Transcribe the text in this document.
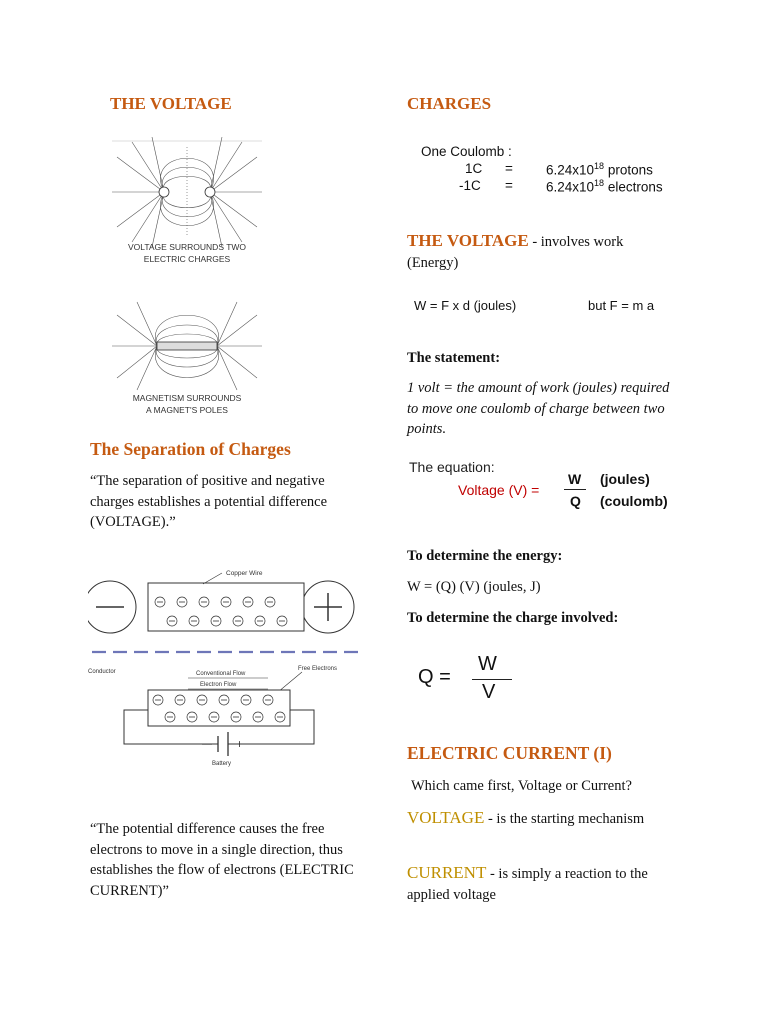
THE VOLTAGE
VOLTAGE SURROUNDS TWO
ELECTRIC CHARGES
MAGNETISM SURROUNDS
A MAGNET'S POLES
The Separation of Charges
“The separation of positive and negative charges establishes a potential difference (VOLTAGE).”
Copper Wire
Conductor	Conventional Flow
Electron Flow
Free Electrons
— +
Battery
“The potential difference causes the free electrons to move in a single direction, thus establishes the flow of electrons (ELECTRIC CURRENT)”
CHARGES
One Coulomb :
$1C = 6.24x10^{18}$ protons
$-1C = 6.24x10^{18}$ electrons
THE VOLTAGE - involves work (Energy)
W = F x d (joules)	but F = m a
The statement:
1 volt = the amount of work (joules) required to move one coulomb of charge between two points.
The equation:
Voltage (V) =
W
Q
(joules)
(coulomb)
To determine the energy:
W = (Q) (V) (joules, J)
To determine the charge involved:
Q =
W
V
ELECTRIC CURRENT (I)
Which came first, Voltage or Current?
VOLTAGE - is the starting mechanism
CURRENT - is simply a reaction to the applied voltage
